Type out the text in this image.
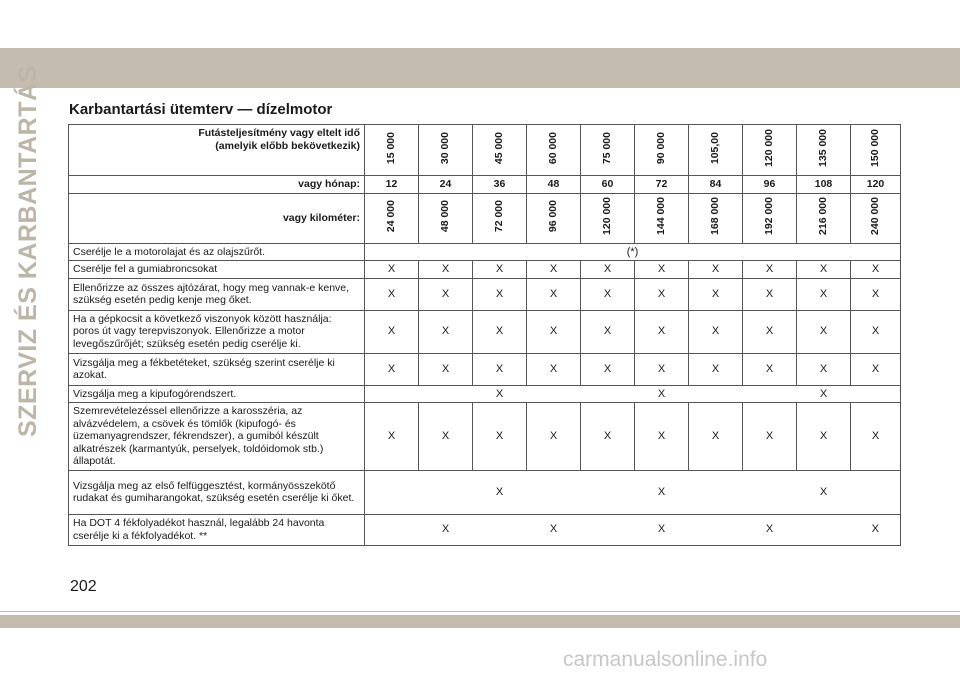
SZERVIZ ÉS KARBANTARTÁS Karbantartási ütemterv — dízelmotor
Futásteljesítmény vagy eltelt idő
(amelyik előbb bekövetkezik)	15 000	30 000	45 000	60 000	75 000	90 000	105,00	120 000	135 000	150 000
vagy hónap:	12	24	36	48	60	72	84	96	108	120
vagy kilométer:	24 000	48 000	72 000	96 000	120 000	144 000	168 000	192 000	216 000	240 000
Cserélje le a motorolajat és az olajszűrőt.	(*)									
Cserélje fel a gumiabroncsokat	X	X	X	X	X	X	X	X	X	X
Ellenőrizze az összes ajtózárat, hogy meg vannak-e kenve, szükség esetén pedig kenje meg őket.	X	X	X	X	X	X	X	X	X	X
Ha a gépkocsit a következő viszonyok között használja: poros út vagy terepviszonyok. Ellenőrizze a motor levegőszűrőjét; szükség esetén pedig cserélje ki.	X	X	X	X	X	X	X	X	X	X
Vizsgálja meg a fékbetéteket, szükség szerint cserélje ki azokat.	X	X	X	X	X	X	X	X	X	X
Vizsgálja meg a kipufogórendszert.			X			X			X	
Szemrevételezéssel ellenőrizze a karosszéria, az alvázvédelem, a csövek és tömlők (kipufogó- és üzemanyagrendszer, fékrendszer), a gumiból készült alkatrészek (karmantyúk, perselyek, toldóidomok stb.) állapotát.	X	X	X	X	X	X	X	X	X	X
Vizsgálja meg az első felfüggesztést, kormányösszekötő rudakat és gumiharangokat, szükség esetén cserélje ki őket.			X			X			X	
Ha DOT 4 fékfolyadékot használ, legalább 24 havonta cserélje ki a fékfolyadékot. **		X		X		X		X		X
202
carmanualsonline.info
